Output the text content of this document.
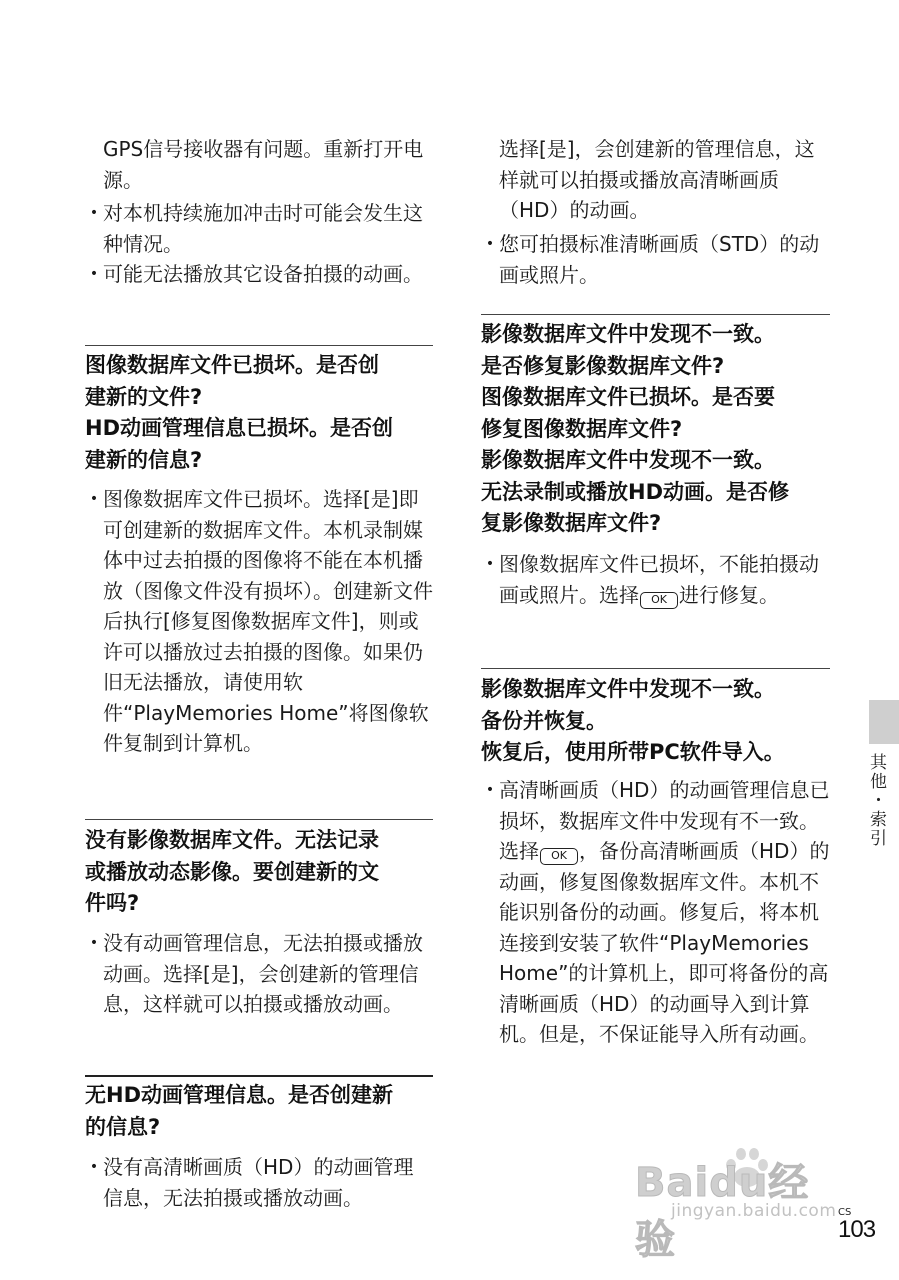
GPS信号接收器有问题。重新打开电源。
• 对本机持续施加冲击时可能会发生这种情况。
• 可能无法播放其它设备拍摄的动画。
图像数据库文件已损坏。是否创
建新的文件?
HD动画管理信息已损坏。是否创
建新的信息?
• 图像数据库文件已损坏。选择[是]即可创建新的数据库文件。本机录制媒体中过去拍摄的图像将不能在本机播放（图像文件没有损坏）。创建新文件后执行[修复图像数据库文件]，则或许可以播放过去拍摄的图像。如果仍旧无法播放，请使用软件“PlayMemories Home”将图像软件复制到计算机。
没有影像数据库文件。无法记录
或播放动态影像。要创建新的文
件吗?
• 没有动画管理信息，无法拍摄或播放动画。选择[是]，会创建新的管理信息，这样就可以拍摄或播放动画。
无HD动画管理信息。是否创建新
的信息?
• 没有高清晰画质（HD）的动画管理信息，无法拍摄或播放动画。
选择[是]，会创建新的管理信息，这样就可以拍摄或播放高清晰画质（HD）的动画。
• 您可拍摄标准清晰画质（STD）的动画或照片。
影像数据库文件中发现不一致。
是否修复影像数据库文件?
图像数据库文件已损坏。是否要
修复图像数据库文件?
影像数据库文件中发现不一致。
无法录制或播放HD动画。是否修
复影像数据库文件?
• 图像数据库文件已损坏，不能拍摄动画或照片。选择 OK 进行修复。
影像数据库文件中发现不一致。
备份并恢复。
恢复后，使用所带PC软件导入。
• 高清晰画质（HD）的动画管理信息已损坏，数据库文件中发现有不一致。选择 OK ，备份高清晰画质（HD）的动画，修复图像数据库文件。本机不能识别备份的动画。修复后，将本机连接到安装了软件“PlayMemories Home”的计算机上，即可将备份的高清晰画质（HD）的动画导入到计算机。但是，不保证能导入所有动画。
其他・索引
Baidu经验
jingyan.baidu.com CS
103
